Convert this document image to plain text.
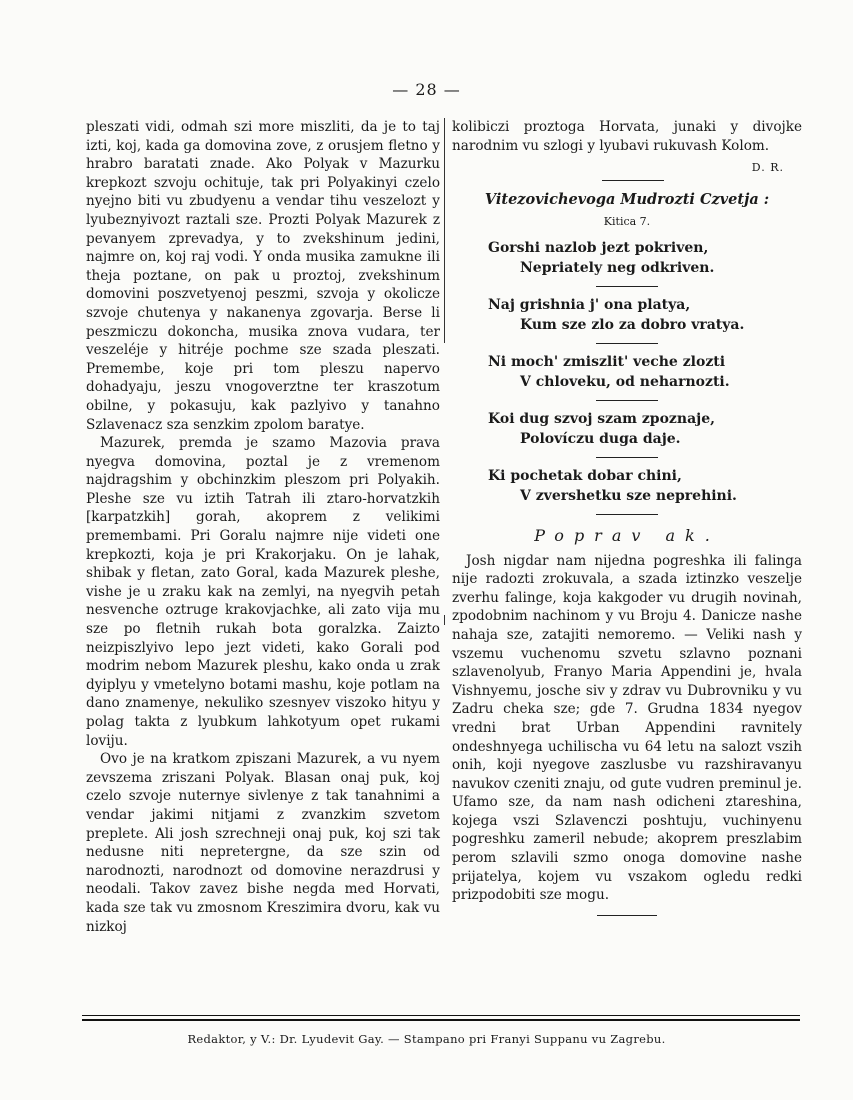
— 28 —

pleszati vidi, odmah szi more miszliti, da je to taj izti, koj, kada ga domovina zove, z orusjem fletno y hrabro baratati znade. Ako Polyak v Mazurku krepkozt szvoju ochituje, tak pri Polyakinyi czelo nyejno biti vu zbudyenu a vendar tihu veszelozt y lyubeznyivozt raztali sze. Prozti Polyak Mazurek z pevanyem zprevadya, y to zvekshinum jedini, najmre on, koj raj vodi. Y onda musika zamukne ili theja poztane, on pak u proztoj, zvekshinum domovini poszvetyenoj peszmi, szvoja y okolicze szvoje chutenya y nakanenya zgovarja. Berse li peszmiczu dokoncha, musika znova vudara, ter veszeléje y hitréje pochme sze szada pleszati. Premembe, koje pri tom pleszu napervo dohadyaju, jeszu vnogoverztne ter kraszotum obilne, y pokasuju, kak pazlyivo y tanahno Szlavenacz sza senzkim zpolom baratye.

Mazurek, premda je szamo Mazovia prava nyegva domovina, poztal je z vremenom najdragshim y obchinzkim pleszom pri Polyakih. Pleshe sze vu iztih Tatrah ili ztaro-horvatzkih [karpatzkih] gorah, akoprem z velikimi premembami. Pri Goralu najmre nije videti one krepkozti, koja je pri Krakorjaku. On je lahak, shibak y fletan, zato Goral, kada Mazurek pleshe, vishe je u zraku kak na zemlyi, na nyegvih petah nesvenche oztruge krakovjachke, ali zato vija mu sze po fletnih rukah bota goralzka. Zaizto neizpiszlyivo lepo jezt videti, kako Gorali pod modrim nebom Mazurek pleshu, kako onda u zrak dyiplyu y vmetelyno botami mashu, koje potlam na dano znamenye, nekuliko szesnyev viszoko hityu y polag takta z lyubkum lahkotyum opet rukami loviju.

Ovo je na kratkom zpiszani Mazurek, a vu nyem zevszema zriszani Polyak. Blasan onaj puk, koj czelo szvoje nuternye sivlenye z tak tanahnimi a vendar jakimi nitjami z zvanzkim szvetom preplete. Ali josh szrechneji onaj puk, koj szi tak nedusne niti nepretergne, da sze szin od narodnozti, narodnozt od domovine nerazdrusi y neodali. Takov zavez bishe negda med Horvati, kada sze tak vu zmosnom Kreszimira dvoru, kak vu nizkoj

kolibiczi proztoga Horvata, junaki y divojke narodnim vu szlogi y lyubavi rukuvash Kolom.

D. R.
Vitezovichevoga Mudrozti Czvetja :
Kitica 7.
Gorshi nazlob jezt pokriven,
Nepriately neg odkriven.
Naj grishnia j' ona platya,
Kum sze zlo za dobro vratya.
Ni moch' zmiszlit' veche zlozti
V chloveku, od neharnozti.
Koi dug szvoj szam zpoznaje,
Polovíczu duga daje.
Ki pochetak dobar chini,
V zvershetku sze neprehini.
Poprav ak.

Josh nigdar nam nijedna pogreshka ili falinga nije radozti zrokuvala, a szada iztinzko veszelje zverhu falinge, koja kakgoder vu drugih novinah, zpodobnim nachinom y vu Broju 4. Danicze nashe nahaja sze, zatajiti nemoremo. — Veliki nash y vszemu vuchenomu szvetu szlavno poznani szlavenolyub, Franyo Maria Appendini je, hvala Vishnyemu, josche siv y zdrav vu Dubrovniku y vu Zadru cheka sze; gde 7. Grudna 1834 nyegov vredni brat Urban Appendini ravnitely ondeshnyega uchilischa vu 64 letu na salozt vszih onih, koji nyegove zaszlusbe vu razshiravanyu navukov czeniti znaju, od gute vudren preminul je. Ufamo sze, da nam nash odicheni ztareshina, kojega vszi Szlavenczi poshtuju, vuchinyenu pogreshku zameril nebude; akoprem preszlabim perom szlavili szmo onoga domovine nashe prijatelya, kojem vu vszakom ogledu redki prizpodobiti sze mogu.

Redaktor, y V.: Dr. Lyudevit Gay. — Stampano pri Franyi Suppanu vu Zagrebu.
